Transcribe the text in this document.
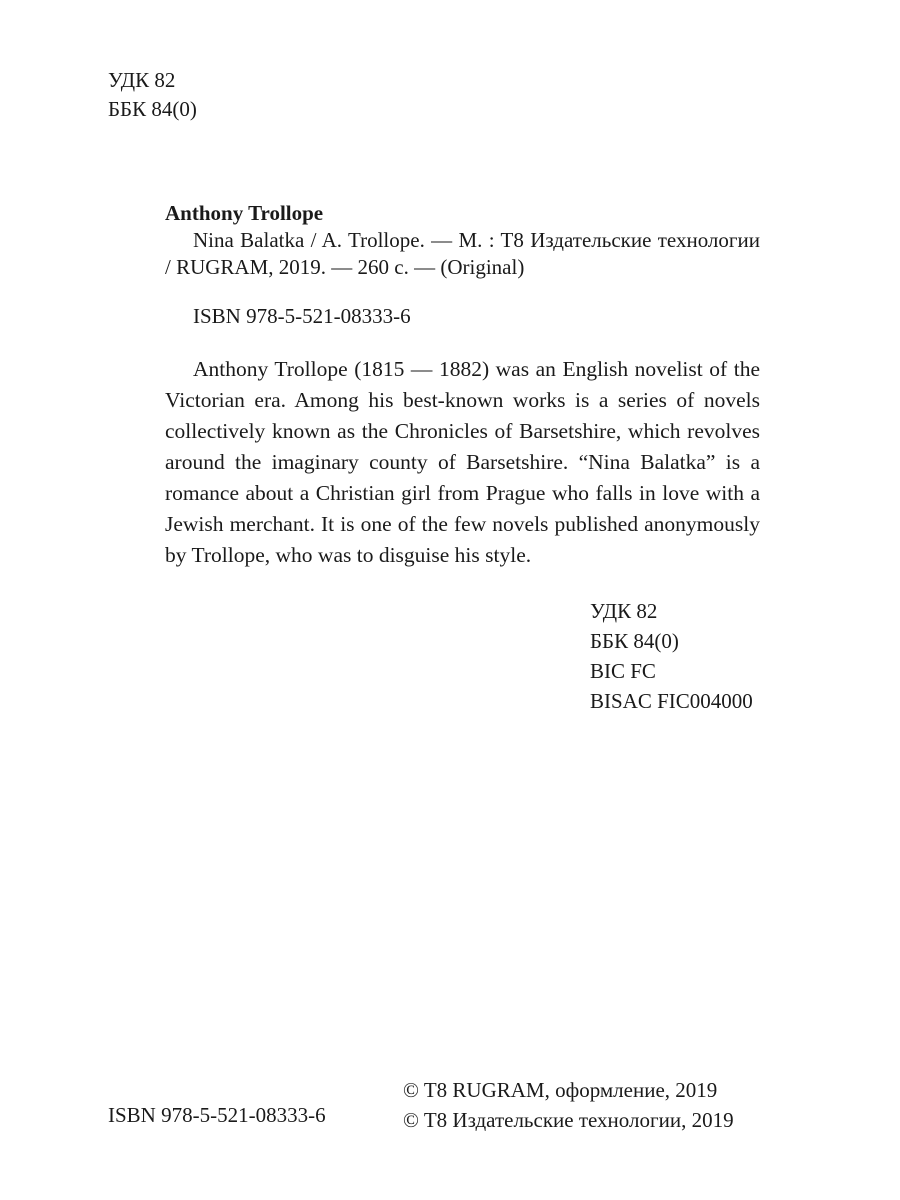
УДК 82
ББК 84(0)
Anthony Trollope
Nina Balatka / A. Trollope. — M. : T8 Издательские технологии / RUGRAM, 2019. — 260 с. — (Original)
ISBN 978-5-521-08333-6

Anthony Trollope (1815 — 1882) was an English novelist of the Victorian era. Among his best-known works is a series of novels collectively known as the Chronicles of Barsetshire, which revolves around the imaginary county of Barsetshire. “Nina Balatka” is a romance about a Christian girl from Prague who falls in love with a Jewish merchant. It is one of the few novels published anonymously by Trollope, who was to disguise his style.

УДК 82
ББК 84(0)
BIC FC
BISAC FIC004000
ISBN 978-5-521-08333-6
© T8 RUGRAM, оформление, 2019
© T8 Издательские технологии, 2019
